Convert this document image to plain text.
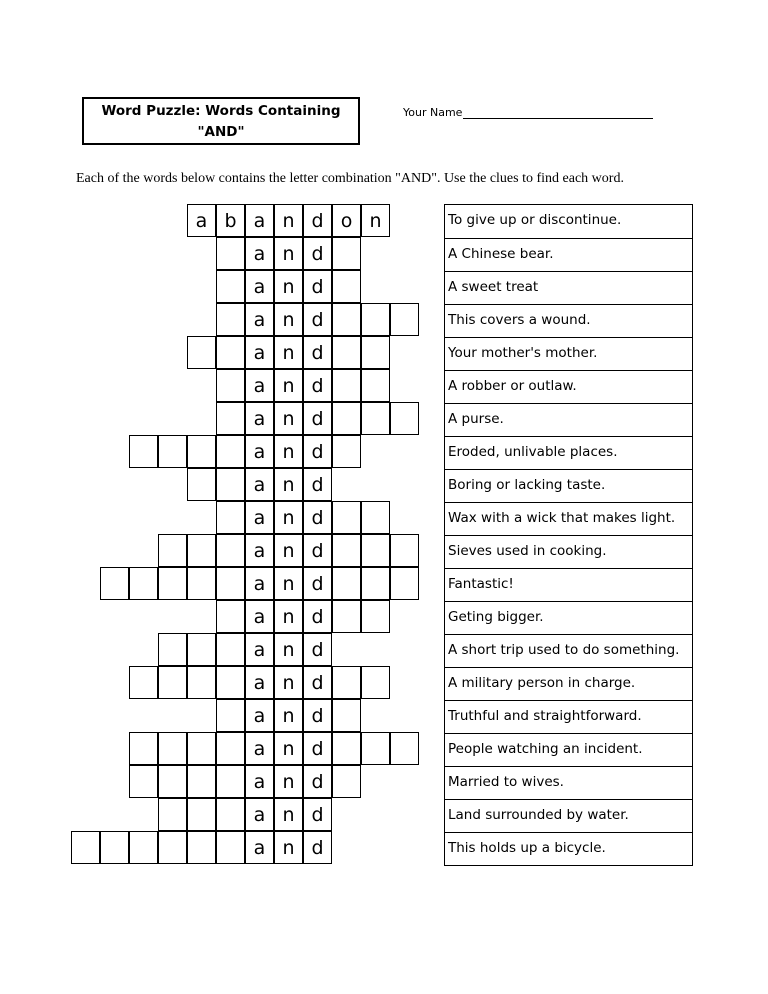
Word Puzzle: Words Containing
"AND"
Your Name
Each of the words below contains the letter combination "AND". Use the clues to find each word.
a b a n d o n
a n d
a n d
a n d
a n d
a n d
a n d
a n d
a n d
a n d
a n d
a n d
a n d
a n d
a n d
a n d
a n d
a n d
a n d
a n d
To give up or discontinue.
A Chinese bear.
A sweet treat
This covers a wound.
Your mother's mother.
A robber or outlaw.
A purse.
Eroded, unlivable places.
Boring or lacking taste.
Wax with a wick that makes light.
Sieves used in cooking.
Fantastic!
Geting bigger.
A short trip used to do something.
A military person in charge.
Truthful and straightforward.
People watching an incident.
Married to wives.
Land surrounded by water.
This holds up a bicycle.
